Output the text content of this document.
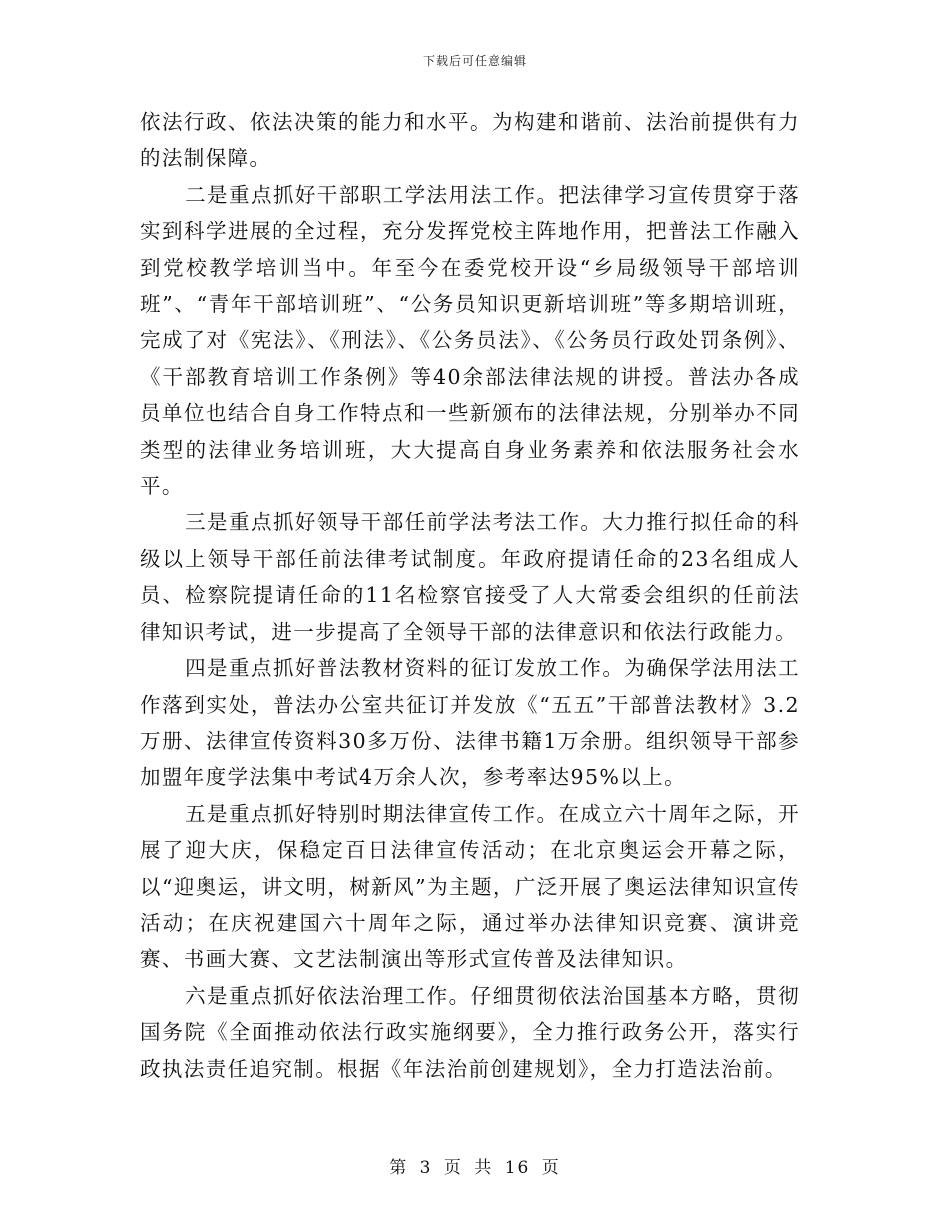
下载后可任意编辑

依法行政、依法决策的能力和水平。为构建和谐前、法治前提供有力的法制保障。

二是重点抓好干部职工学法用法工作。把法律学习宣传贯穿于落实到科学进展的全过程，充分发挥党校主阵地作用，把普法工作融入到党校教学培训当中。年至今在委党校开设“乡局级领导干部培训班”、“青年干部培训班”、“公务员知识更新培训班”等多期培训班，完成了对《宪法》、《刑法》、《公务员法》、《公务员行政处罚条例》、《干部教育培训工作条例》等40余部法律法规的讲授。普法办各成员单位也结合自身工作特点和一些新颁布的法律法规，分别举办不同类型的法律业务培训班，大大提高自身业务素养和依法服务社会水平。

三是重点抓好领导干部任前学法考法工作。大力推行拟任命的科级以上领导干部任前法律考试制度。年政府提请任命的23名组成人员、检察院提请任命的11名检察官接受了人大常委会组织的任前法律知识考试，进一步提高了全领导干部的法律意识和依法行政能力。

四是重点抓好普法教材资料的征订发放工作。为确保学法用法工作落到实处，普法办公室共征订并发放《“五五”干部普法教材》3.2万册、法律宣传资料30多万份、法律书籍1万余册。组织领导干部参加盟年度学法集中考试4万余人次，参考率达95%以上。

五是重点抓好特别时期法律宣传工作。在成立六十周年之际，开展了迎大庆，保稳定百日法律宣传活动；在北京奥运会开幕之际，以“迎奥运，讲文明，树新风”为主题，广泛开展了奥运法律知识宣传活动；在庆祝建国六十周年之际，通过举办法律知识竞赛、演讲竞赛、书画大赛、文艺法制演出等形式宣传普及法律知识。

六是重点抓好依法治理工作。仔细贯彻依法治国基本方略，贯彻国务院《全面推动依法行政实施纲要》，全力推行政务公开，落实行政执法责任追究制。根据《年法治前创建规划》，全力打造法治前。

第 3 页 共 16 页
